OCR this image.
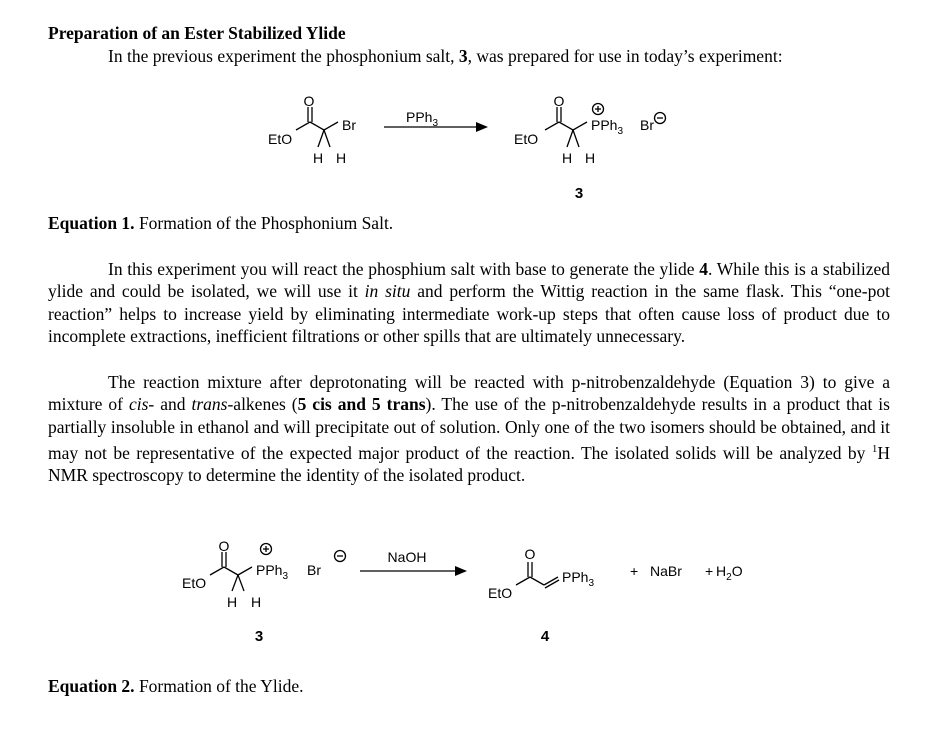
Preparation of an Ester Stabilized Ylide
In the previous experiment the phosphonium salt, 3, was prepared for use in today’s experiment:
O
EtO
Br
H H
PPh$_3$
O
EtO
PPh$_3$ Br
H H
3
O
EtO
PPh$_3$ Br
H H
3
NaOH	O
EtO
PPh$_3$
4
+ NaBr + $H_2O$
Equation 1. Formation of the Phosphonium Salt.
In this experiment you will react the phosphium salt with base to generate the ylide 4. While this is a stabilized ylide and could be isolated, we will use it in situ and perform the Wittig reaction in the same flask. This “one-pot reaction” helps to increase yield by eliminating intermediate work-up steps that often cause loss of product due to incomplete extractions, inefficient filtrations or other spills that are ultimately unnecessary.
The reaction mixture after deprotonating will be reacted with p-nitrobenzaldehyde (Equation 3) to give a mixture of cis- and trans-alkenes (5 cis and 5 trans). The use of the p-nitrobenzaldehyde results in a product that is partially insoluble in ethanol and will precipitate out of solution. Only one of the two isomers should be obtained, and it may not be representative of the expected major product of the reaction. The isolated solids will be analyzed by $^1$H NMR spectroscopy to determine the identity of the isolated product.
Equation 2. Formation of the Ylide.
